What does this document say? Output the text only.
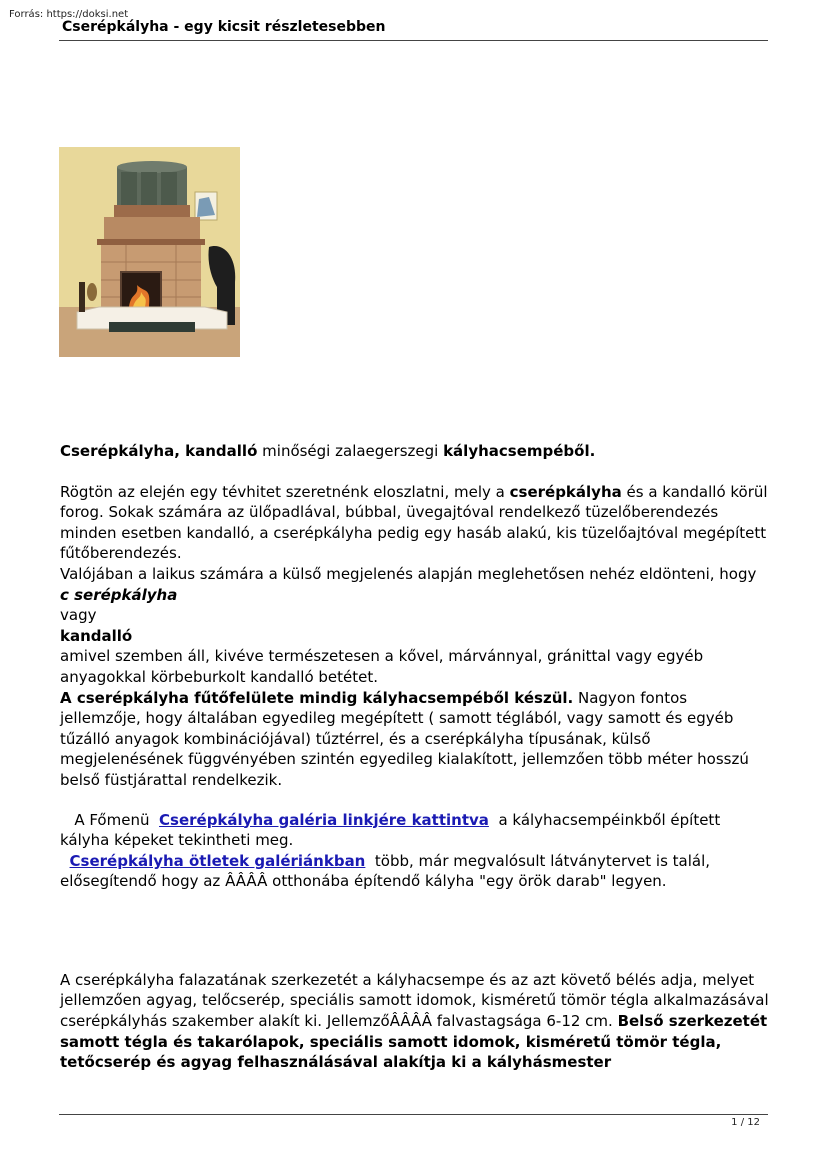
Forrás: https://doksi.net
Cserépkályha - egy kicsit részletesebben

Cserépkályha, kandalló minőségi zalaegerszegi kályhacsempéből.

Rögtön az elején egy tévhitet szeretnénk eloszlatni, mely a cserépkályha és a kandalló körül forog. Sokak számára az ülőpadlával, búbbal, üvegajtóval rendelkező tüzelőberendezés minden esetben kandalló, a cserépkályha pedig egy hasáb alakú, kis tüzelőajtóval megépített fűtőberendezés.

Valójában a laikus számára a külső megjelenés alapján meglehetősen nehéz eldönteni, hogy c serépkályha
vagy
kandalló
amivel szemben áll, kivéve természetesen a kővel, márvánnyal, gránittal vagy egyéb anyagokkal körbeburkolt kandalló betétet.

A cserépkályha fűtőfelülete mindig kályhacsempéből készül. Nagyon fontos jellemzője, hogy általában egyedileg megépített ( samott téglából, vagy samott és egyéb tűzálló anyagok kombinációjával) tűztérrel, és a cserépkályha típusának, külső megjelenésének függvényében szintén egyedileg kialakított, jellemzően több méter hosszú belső füstjárattal rendelkezik.

A Főmenü  Cserépkályha galéria linkjére kattintva  a kályhacsempéinkből épített kályha képeket tekintheti meg.
Cserépkályha ötletek galériánkban  több, már megvalósult látványtervet is talál, elősegítendő hogy az ÂÂÂÂ otthonába építendő kályha "egy örök darab" legyen.

A cserépkályha falazatának szerkezetét a kályhacsempe és az azt követő bélés adja, melyet jellemzően agyag, telőcserép, speciális samott idomok, kisméretű tömör tégla alkalmazásával cserépkályhás szakember alakít ki. JellemzőÂÂÂÂ falvastagsága 6-12 cm. Belső szerkezetét samott tégla és takarólapok, speciális samott idomok, kisméretű tömör tégla, tetőcserép és agyag felhasználásával alakítja ki a kályhásmester

1 / 12
